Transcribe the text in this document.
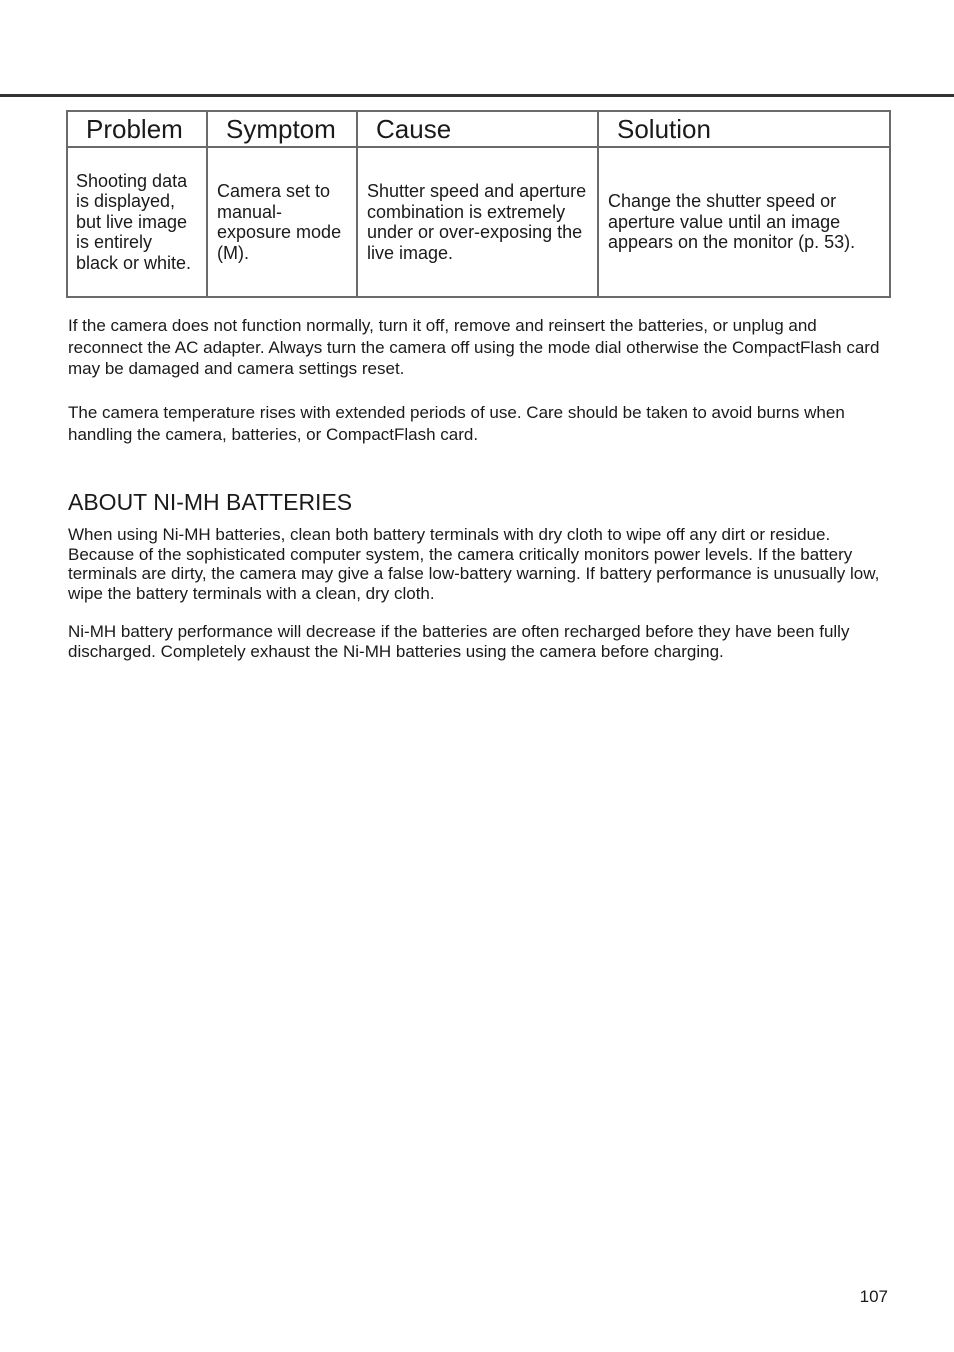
Problem	Symptom	Cause	Solution
Shooting data is displayed, but live image is entirely black or white.	Camera set to manual-exposure mode (M).	Shutter speed and aperture combination is extremely under or over-exposing the live image.	Change the shutter speed or aperture value until an image appears on the monitor (p. 53).

If the camera does not function normally, turn it off, remove and reinsert the batteries, or unplug and reconnect the AC adapter. Always turn the camera off using the mode dial otherwise the CompactFlash card may be damaged and camera settings reset.

The camera temperature rises with extended periods of use. Care should be taken to avoid burns when handling the camera, batteries, or CompactFlash card.

ABOUT NI-MH BATTERIES

When using Ni-MH batteries, clean both battery terminals with dry cloth to wipe off any dirt or residue. Because of the sophisticated computer system, the camera critically monitors power levels. If the battery terminals are dirty, the camera may give a false low-battery warning. If battery performance is unusually low, wipe the battery terminals with a clean, dry cloth.

Ni-MH battery performance will decrease if the batteries are often recharged before they have been fully discharged. Completely exhaust the Ni-MH batteries using the camera before charging.

107
